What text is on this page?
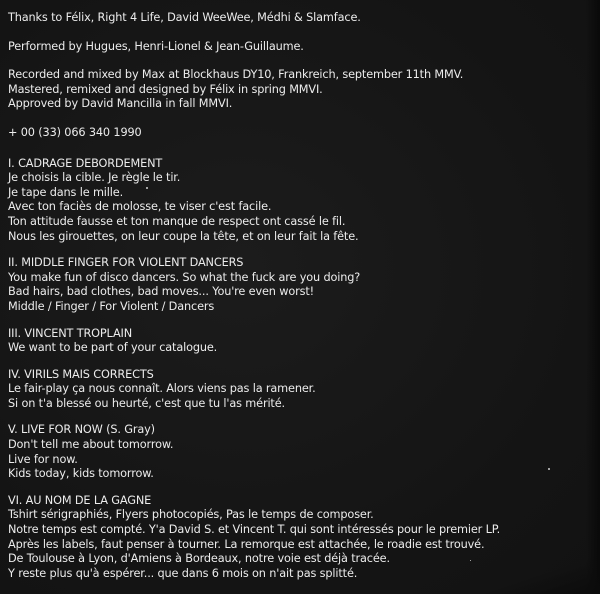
Thanks to Félix, Right 4 Life, David WeeWee, Médhi & Slamface.
Performed by Hugues, Henri-Lionel & Jean-Guillaume.
Recorded and mixed by Max at Blockhaus DY10, Frankreich, september 11th MMV.
Mastered, remixed and designed by Félix in spring MMVI.
Approved by David Mancilla in fall MMVI.
+ 00 (33) 066 340 1990
I. CADRAGE DEBORDEMENT
Je choisis la cible. Je règle le tir.
Je tape dans le mille.
Avec ton faciès de molosse, te viser c'est facile.
Ton attitude fausse et ton manque de respect ont cassé le fil.
Nous les girouettes, on leur coupe la tête, et on leur fait la fête.
II. MIDDLE FINGER FOR VIOLENT DANCERS
You make fun of disco dancers. So what the fuck are you doing?
Bad hairs, bad clothes, bad moves... You're even worst!
Middle / Finger / For Violent / Dancers
III. VINCENT TROPLAIN
We want to be part of your catalogue.
IV. VIRILS MAIS CORRECTS
Le fair-play ça nous connaît. Alors viens pas la ramener.
Si on t'a blessé ou heurté, c'est que tu l'as mérité.
V. LIVE FOR NOW (S. Gray)
Don't tell me about tomorrow.
Live for now.
Kids today, kids tomorrow.
VI. AU NOM DE LA GAGNE
Tshirt sérigraphiés, Flyers photocopiés, Pas le temps de composer.
Notre temps est compté. Y'a David S. et Vincent T. qui sont intéressés pour le premier LP.
Après les labels, faut penser à tourner. La remorque est attachée, le roadie est trouvé.
De Toulouse à Lyon, d'Amiens à Bordeaux, notre voie est déjà tracée.
Y reste plus qu'à espérer... que dans 6 mois on n'ait pas splitté.
